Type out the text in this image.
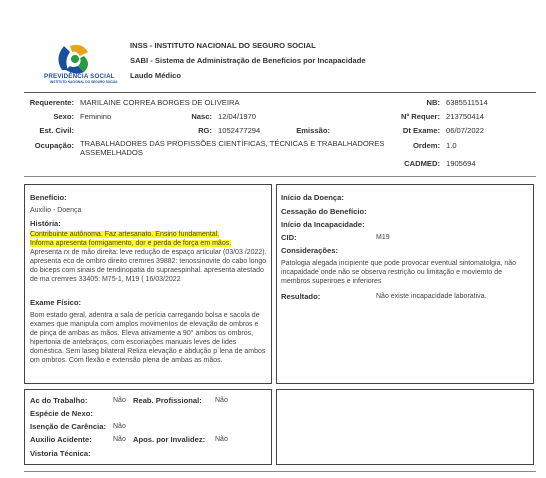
PREVIDÊNCIA SOCIAL
INSTITUTO NACIONAL DO SEGURO SOCIAL
INSS - INSTITUTO NACIONAL DO SEGURO SOCIAL
SABI - Sistema de Administração de Benefícios por Incapacidade
Laudo Médico
Requerente: MARILAINE CORREA BORGES DE OLIVEIRA	NB: 6385511514
Sexo: Feminino	Nasc: 12/04/1970	Nº Requer: 213750414
Est. Civil:	RG: 1052477294	Emissão:	Dt Exame: 06/07/2022
Ocupação: TRABALHADORES DAS PROFISSÕES CIENTÍFICAS, TÉCNICAS E TRABALHADORES ASSEMELHADOS
Ordem: 1.0
CADMED: 1905694
Benefício:
Auxílio - Doença
História:
Contribuinte autônoma. Faz artesanato. Ensino fundamental.
Informa apresenta formigamento, dor e perda de força em mãos.
Apresenta rx de mão direita: leve redução de espaço articular (03/03 /2022). apresenta eco de ombro direito cremres 39882: tenossinovite do cabo longo do biceps com sinais de tendinopatia do supraespinhal. apresenta atestado de ma cremres 33405: M75-1, M19 ( 16/03/2022
Exame Físico:
Bom estado geral, adentra a sala de perícia carregando bolsa e sacola de exames que manipula com amplos movimentos de elevação de ombros e de pinça de ambas as mãos. Eleva ativamente a 90° ambos os ombros, hipertonia de antebraços, com escoriações manuais leves de lides doméstica. Sem laseg bilateral Reliza elevação e abdução p`lena de ambos om ombros. Com flexão e extensão plena de ambas as mãos.
Início da Doença:
Cessação do Benefício:
Início da Incapacidade:
CID:	M19
Considerações:
Patologia alegada incipiente que pode provocar eventual sintomatolgia, não incapaidade onde não se observa restrição ou limitação e moviemto de membros superiroes e inferiores
Resultado:	Não existe incapacidade laborativa.
Ac do Trabalho:	Não Reab. Profissional: Não
Espécie de Nexo:
Isenção de Carência: Não
Auxilio Acidente:	Não Apos. por Invalidez: Não
Vistoria Técnica:
